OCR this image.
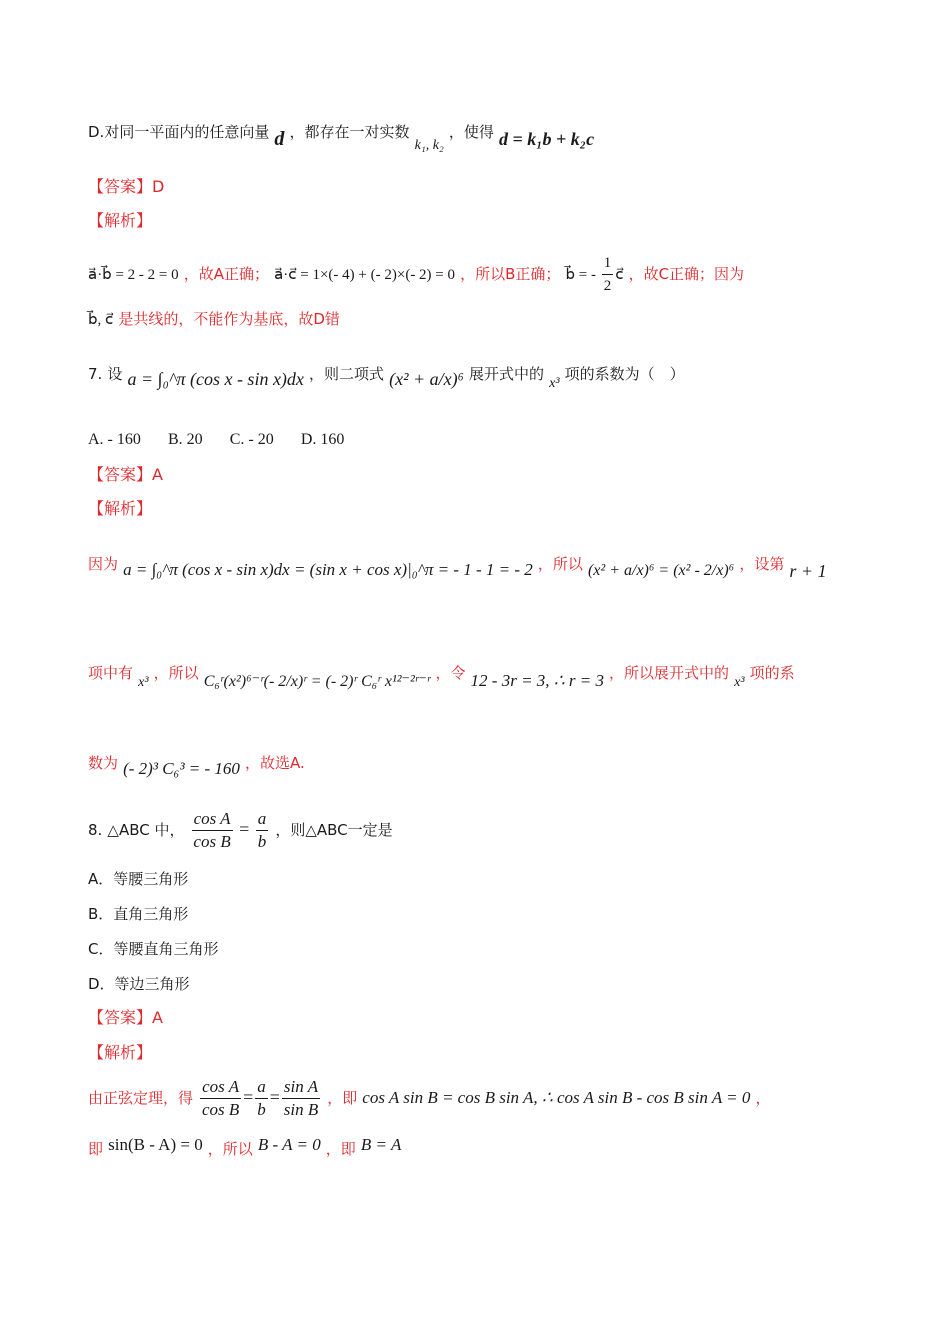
D.对同一平面内的任意向量 d ，都存在一对实数 k₁, k₂ ，使得 d = k₁b + k₂c
【答案】D
【解析】
a⃗·b⃗ = 2 - 2 = 0 ，故A正确； a⃗·c⃗ = 1×(- 4) + (- 2)×(- 2) = 0 ，所以B正确； b⃗ = - $\frac{1}{2}$ c⃗ ，故C正确；因为
b⃗, c⃗ 是共线的，不能作为基底，故D错
7. 设 a = ∫₀^π (cos x - sin x)dx ，则二项式 (x² + a/x)⁶ 展开式中的 x³ 项的系数为（　）
A. - 160 B. 20 C. - 20 D. 160
【答案】A
【解析】
因为 a = ∫₀^π (cos x - sin x)dx = (sin x + cos x)|₀^π = - 1 - 1 = - 2 ，所以 (x² + a/x)⁶ = (x² - 2/x)⁶ ，设第 r + 1
项中有 x³ ，所以 C₆ʳ(x²)⁶⁻ʳ(- 2/x)ʳ = (- 2)ʳ C₆ʳ x¹²⁻²ʳ⁻ʳ ，令 12 - 3r = 3, ∴ r = 3 ，所以展开式中的 x³ 项的系
数为 (- 2)³ C₆³ = - 160 ，故选A.
8. △ABC 中， $\frac{\text{cos A}}{\text{cos B}} = \frac{a}{b}$ ，则△ABC一定是
A．等腰三角形
B．直角三角形
C．等腰直角三角形
D．等边三角形
【答案】A
【解析】
由正弦定理，得 $\frac{\text{cos A}}{\text{cos B}} = \frac{a}{b} = \frac{\text{sin A}}{\text{sin B}}$ ，即 cos A sin B = cos B sin A, ∴ cos A sin B - cos B sin A = 0 ，
即 sin(B - A) = 0 ，所以 B - A = 0 ，即 B = A
